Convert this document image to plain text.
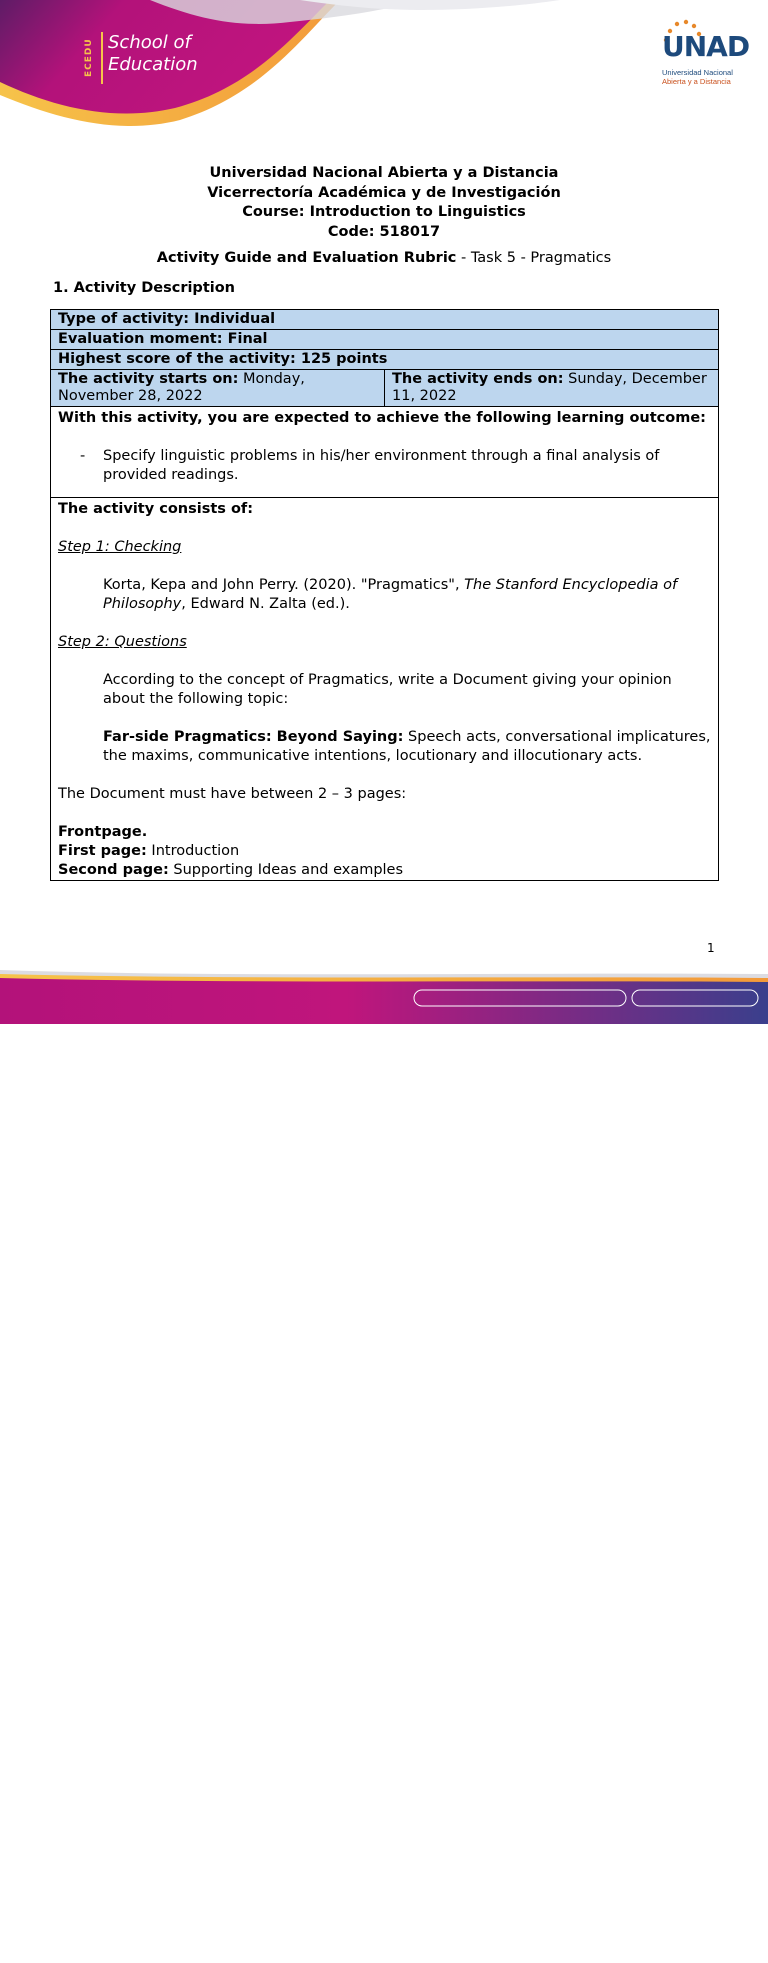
ECEDU School of
Education
UNAD
Universidad Nacional
Abierta y a Distancia
Universidad Nacional Abierta y a Distancia
Vicerrectoría Académica y de Investigación
Course: Introduction to Linguistics
Code: 518017
Activity Guide and Evaluation Rubric - Task 5 - Pragmatics
1. Activity Description
Type of activity: Individual
Evaluation moment: Final
Highest score of the activity: 125 points
The activity starts on: Monday, November 28, 2022	The activity ends on: Sunday, December 11, 2022
With this activity, you are expected to achieve the following learning outcome:
-	Specify linguistic problems in his/her environment through a final analysis of provided readings.

The activity consists of:
Step 1: Checking
Korta, Kepa and John Perry. (2020). "Pragmatics", The Stanford Encyclopedia of Philosophy, Edward N. Zalta (ed.).
Step 2: Questions
According to the concept of Pragmatics, write a Document giving your opinion about the following topic:
Far-side Pragmatics: Beyond Saying: Speech acts, conversational implicatures, the maxims, communicative intentions, locutionary and illocutionary acts.
The Document must have between 2 – 3 pages:
Frontpage.
First page: Introduction
Second page: Supporting Ideas and examples
1
Prohibida su reproducción y copia sin autorización de la UNAD.	UNAD © 2020 derechos reservados.
